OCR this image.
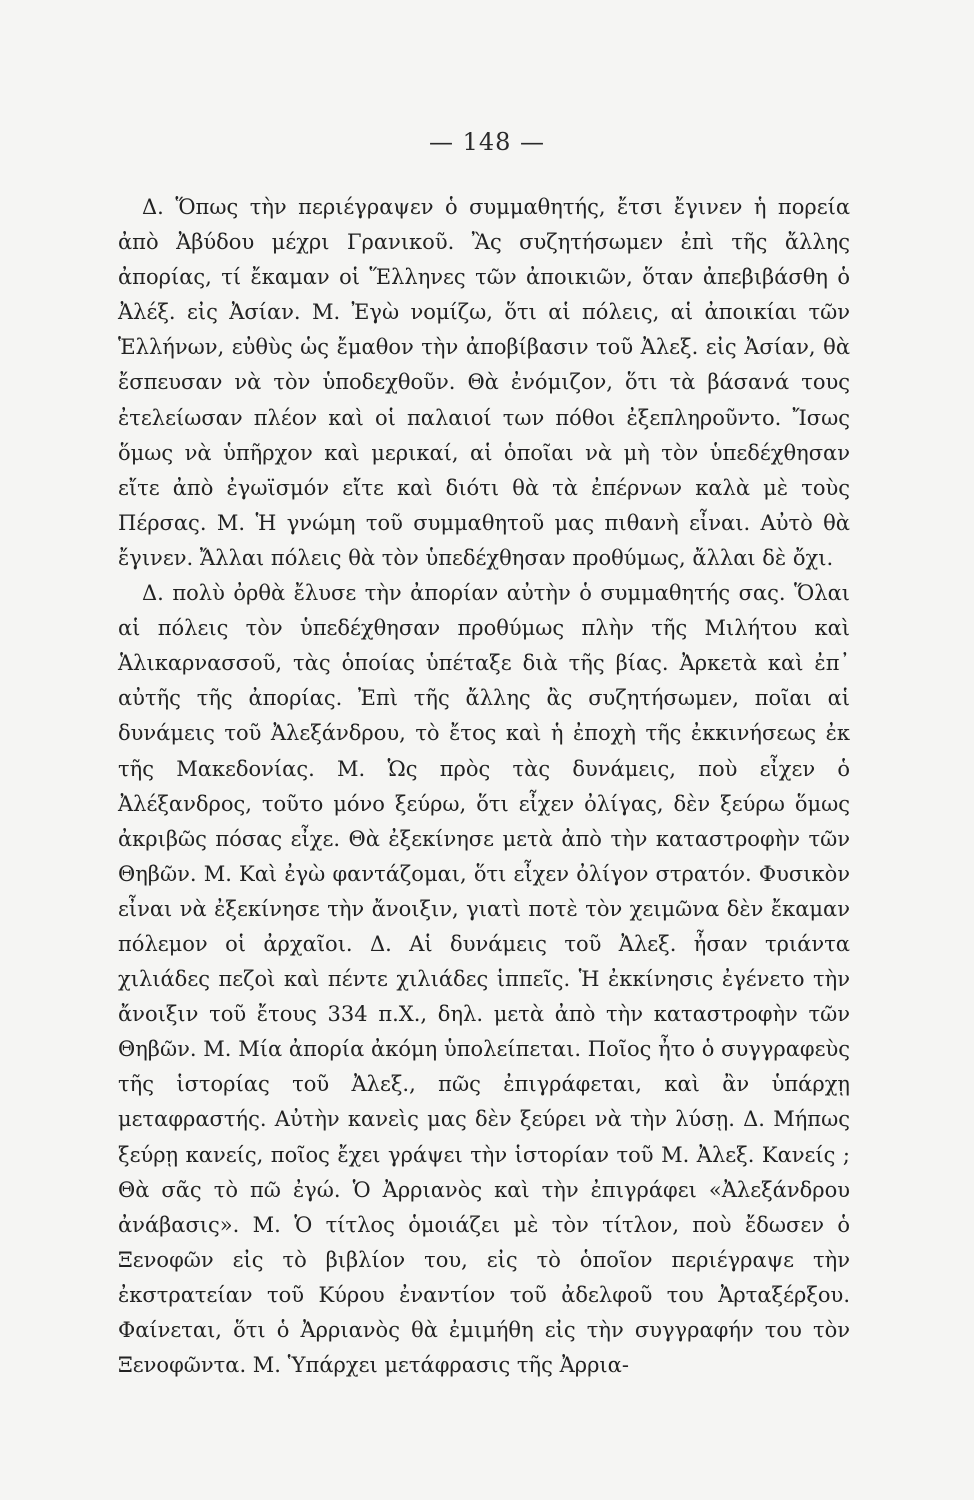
— 148 —

Δ. Ὅπως τὴν περιέγραψεν ὁ συμμαθητής, ἔτσι ἔγινεν ἡ πορεία ἀπὸ Ἀβύδου μέχρι Γρανικοῦ. Ἂς συζητήσωμεν ἐπὶ τῆς ἄλλης ἀπορίας, τί ἔκαμαν οἱ Ἕλληνες τῶν ἀποικιῶν, ὅταν ἀπεβιβάσθη ὁ Ἀλέξ. εἰς Ἀσίαν. Μ. Ἐγὼ νομίζω, ὅτι αἱ πόλεις, αἱ ἀποικίαι τῶν Ἑλλήνων, εὐθὺς ὡς ἔμαθον τὴν ἀποβίβασιν τοῦ Ἀλεξ. εἰς Ἀσίαν, θὰ ἔσπευσαν νὰ τὸν ὑποδεχθοῦν. Θὰ ἐνόμιζον, ὅτι τὰ βάσανά τους ἐτελείωσαν πλέον καὶ οἱ παλαιοί των πόθοι ἐξεπληροῦντο. Ἴσως ὅμως νὰ ὑπῆρχον καὶ μερικαί, αἱ ὁποῖαι νὰ μὴ τὸν ὑπεδέχθησαν εἴτε ἀπὸ ἐγωϊσμόν εἴτε καὶ διότι θὰ τὰ ἐπέρνων καλὰ μὲ τοὺς Πέρσας. Μ. Ἡ γνώμη τοῦ συμμαθητοῦ μας πιθανὴ εἶναι. Αὐτὸ θὰ ἔγινεν. Ἄλλαι πόλεις θὰ τὸν ὑπεδέχθησαν προθύμως, ἄλλαι δὲ ὄχι.

Δ. πολὺ ὀρθὰ ἔλυσε τὴν ἀπορίαν αὐτὴν ὁ συμμαθητής σας. Ὅλαι αἱ πόλεις τὸν ὑπεδέχθησαν προθύμως πλὴν τῆς Μιλήτου καὶ Ἁλικαρνασσοῦ, τὰς ὁποίας ὑπέταξε διὰ τῆς βίας. Ἀρκετὰ καὶ ἐπ᾽ αὐτῆς τῆς ἀπορίας. Ἐπὶ τῆς ἄλλης ἂς συζητήσωμεν, ποῖαι αἱ δυνάμεις τοῦ Ἀλεξάνδρου, τὸ ἔτος καὶ ἡ ἐποχὴ τῆς ἐκκινήσεως ἐκ τῆς Μακεδονίας. Μ. Ὡς πρὸς τὰς δυνάμεις, ποὺ εἶχεν ὁ Ἀλέξανδρος, τοῦτο μόνο ξεύρω, ὅτι εἶχεν ὀλίγας, δὲν ξεύρω ὅμως ἀκριβῶς πόσας εἶχε. Θὰ ἐξεκίνησε μετὰ ἀπὸ τὴν καταστροφὴν τῶν Θηβῶν. Μ. Καὶ ἐγὼ φαντάζομαι, ὅτι εἶχεν ὀλίγον στρατόν. Φυσικὸν εἶναι νὰ ἐξεκίνησε τὴν ἄνοιξιν, γιατὶ ποτὲ τὸν χειμῶνα δὲν ἔκαμαν πόλεμον οἱ ἀρχαῖοι. Δ. Αἱ δυνάμεις τοῦ Ἀλεξ. ἦσαν τριάντα χιλιάδες πεζοὶ καὶ πέντε χιλιάδες ἱππεῖς. Ἡ ἐκκίνησις ἐγένετο τὴν ἄνοιξιν τοῦ ἔτους 334 π.Χ., δηλ. μετὰ ἀπὸ τὴν καταστροφὴν τῶν Θηβῶν. Μ. Μία ἀπορία ἀκόμη ὑπολείπεται. Ποῖος ἦτο ὁ συγγραφεὺς τῆς ἱστορίας τοῦ Ἀλεξ., πῶς ἐπιγράφεται, καὶ ἂν ὑπάρχῃ μεταφραστής. Αὐτὴν κανεὶς μας δὲν ξεύρει νὰ τὴν λύσῃ. Δ. Μήπως ξεύρῃ κανείς, ποῖος ἔχει γράψει τὴν ἱστορίαν τοῦ Μ. Ἀλεξ. Κανείς ; Θὰ σᾶς τὸ πῶ ἐγώ. Ὁ Ἀρριανὸς καὶ τὴν ἐπιγράφει «Ἀλεξάνδρου ἀνάβασις». Μ. Ὁ τίτλος ὁμοιάζει μὲ τὸν τίτλον, ποὺ ἔδωσεν ὁ Ξενοφῶν εἰς τὸ βιβλίον του, εἰς τὸ ὁποῖον περιέγραψε τὴν ἐκστρατείαν τοῦ Κύρου ἐναντίον τοῦ ἀδελφοῦ του Ἀρταξέρξου. Φαίνεται, ὅτι ὁ Ἀρριανὸς θὰ ἐμιμήθη εἰς τὴν συγγραφήν του τὸν Ξενοφῶντα. Μ. Ὑπάρχει μετάφρασις τῆς Ἀρρια-
